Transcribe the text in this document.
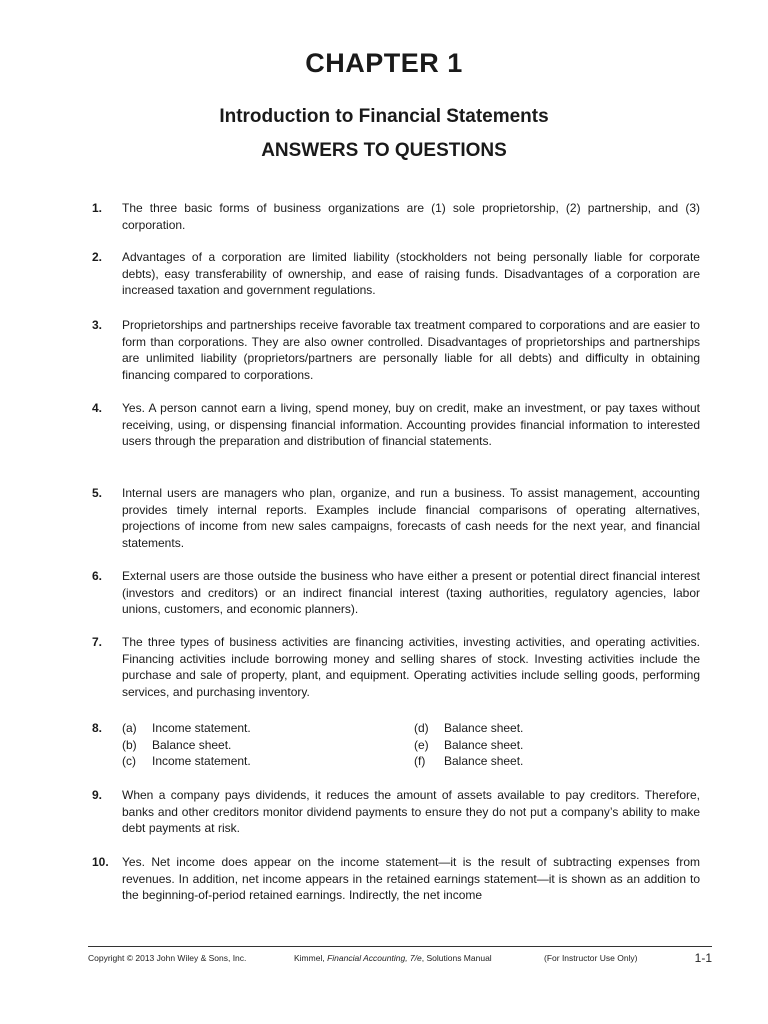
CHAPTER 1
Introduction to Financial Statements
ANSWERS TO QUESTIONS
1. The three basic forms of business organizations are (1) sole proprietorship, (2) partnership, and (3) corporation.
2. Advantages of a corporation are limited liability (stockholders not being personally liable for corporate debts), easy transferability of ownership, and ease of raising funds. Disadvantages of a corporation are increased taxation and government regulations.
3. Proprietorships and partnerships receive favorable tax treatment compared to corporations and are easier to form than corporations. They are also owner controlled. Disadvantages of proprietorships and partnerships are unlimited liability (proprietors/partners are personally liable for all debts) and difficulty in obtaining financing compared to corporations.
4. Yes. A person cannot earn a living, spend money, buy on credit, make an investment, or pay taxes without receiving, using, or dispensing financial information. Accounting provides financial information to interested users through the preparation and distribution of financial statements.
5. Internal users are managers who plan, organize, and run a business. To assist management, accounting provides timely internal reports. Examples include financial comparisons of operating alternatives, projections of income from new sales campaigns, forecasts of cash needs for the next year, and financial statements.
6. External users are those outside the business who have either a present or potential direct financial interest (investors and creditors) or an indirect financial interest (taxing authorities, regulatory agencies, labor unions, customers, and economic planners).
7. The three types of business activities are financing activities, investing activities, and operating activities. Financing activities include borrowing money and selling shares of stock. Investing activities include the purchase and sale of property, plant, and equipment. Operating activities include selling goods, performing services, and purchasing inventory.
8. (a) Income statement.
(b) Balance sheet.
(c) Income statement.
(d) Balance sheet.
(e) Balance sheet.
(f) Balance sheet.
9. When a company pays dividends, it reduces the amount of assets available to pay creditors. Therefore, banks and other creditors monitor dividend payments to ensure they do not put a company’s ability to make debt payments at risk.
10. Yes. Net income does appear on the income statement—it is the result of subtracting expenses from revenues. In addition, net income appears in the retained earnings statement—it is shown as an addition to the beginning-of-period retained earnings. Indirectly, the net income
Copyright © 2013 John Wiley & Sons, Inc.	Kimmel, Financial Accounting, 7/e, Solutions Manual	(For Instructor Use Only)	1-1
